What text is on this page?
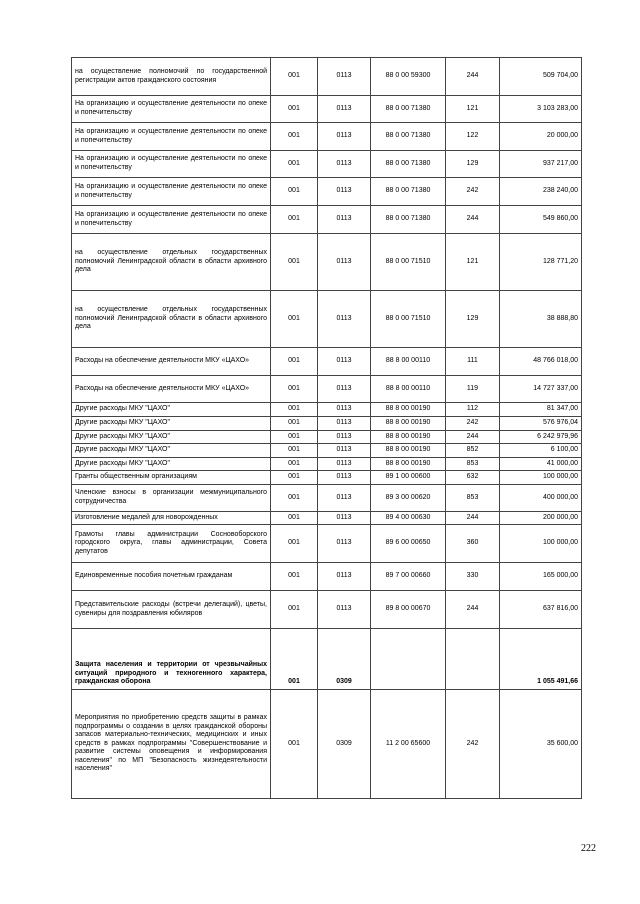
на осуществление полномочий по государственной регистрации актов гражданского состояния	001	0113	88 0 00 59300	244	509 704,00
На организацию и осуществление деятельности по опеке и попечительству	001	0113	88 0 00 71380	121	3 103 283,00
На организацию и осуществление деятельности по опеке и попечительству	001	0113	88 0 00 71380	122	20 000,00
На организацию и осуществление деятельности по опеке и попечительству	001	0113	88 0 00 71380	129	937 217,00
На организацию и осуществление деятельности по опеке и попечительству	001	0113	88 0 00 71380	242	238 240,00
На организацию и осуществление деятельности по опеке и попечительству	001	0113	88 0 00 71380	244	549 860,00
на осуществление отдельных государственных полномочий Ленинградской области в области архивного дела	001	0113	88 0 00 71510	121	128 771,20
на осуществление отдельных государственных полномочий Ленинградской области в области архивного дела	001	0113	88 0 00 71510	129	38 888,80
Расходы на обеспечение деятельности МКУ «ЦАХО»	001	0113	88 8 00 00110	111	48 766 018,00
Расходы на обеспечение деятельности МКУ «ЦАХО»	001	0113	88 8 00 00110	119	14 727 337,00
Другие расходы МКУ "ЦАХО"	001	0113	88 8 00 00190	112	81 347,00
Другие расходы МКУ "ЦАХО"	001	0113	88 8 00 00190	242	576 976,04
Другие расходы МКУ "ЦАХО"	001	0113	88 8 00 00190	244	6 242 979,96
Другие расходы МКУ "ЦАХО"	001	0113	88 8 00 00190	852	6 100,00
Другие расходы МКУ "ЦАХО"	001	0113	88 8 00 00190	853	41 000,00
Гранты общественным организациям	001	0113	89 1 00 00600	632	100 000,00
Членские взносы в организации межмуниципального сотрудничества	001	0113	89 3 00 00620	853	400 000,00
Изготовление медалей для новорожденных	001	0113	89 4 00 00630	244	200 000,00
Грамоты главы администрации Сосновоборского городского округа, главы администрации, Совета депутатов	001	0113	89 6 00 00650	360	100 000,00
Единовременные пособия почетным гражданам	001	0113	89 7 00 00660	330	165 000,00
Представительские расходы (встречи делегаций), цветы, сувениры для поздравления юбиляров	001	0113	89 8 00 00670	244	637 816,00
Защита населения и территории от чрезвычайных ситуаций природного и техногенного характера, гражданская оборона	001	0309			1 055 491,66
Мероприятия по приобретению средств защиты в рамках подпрограммы о создании в целях гражданской обороны запасов материально-технических, медицинских и иных средств в рамках подпрограммы "Совершенствование и развитие системы оповещения и информирования населения" по МП "Безопасность жизнедеятельности населения"	001	0309	11 2 00 65600	242	35 600,00
222
